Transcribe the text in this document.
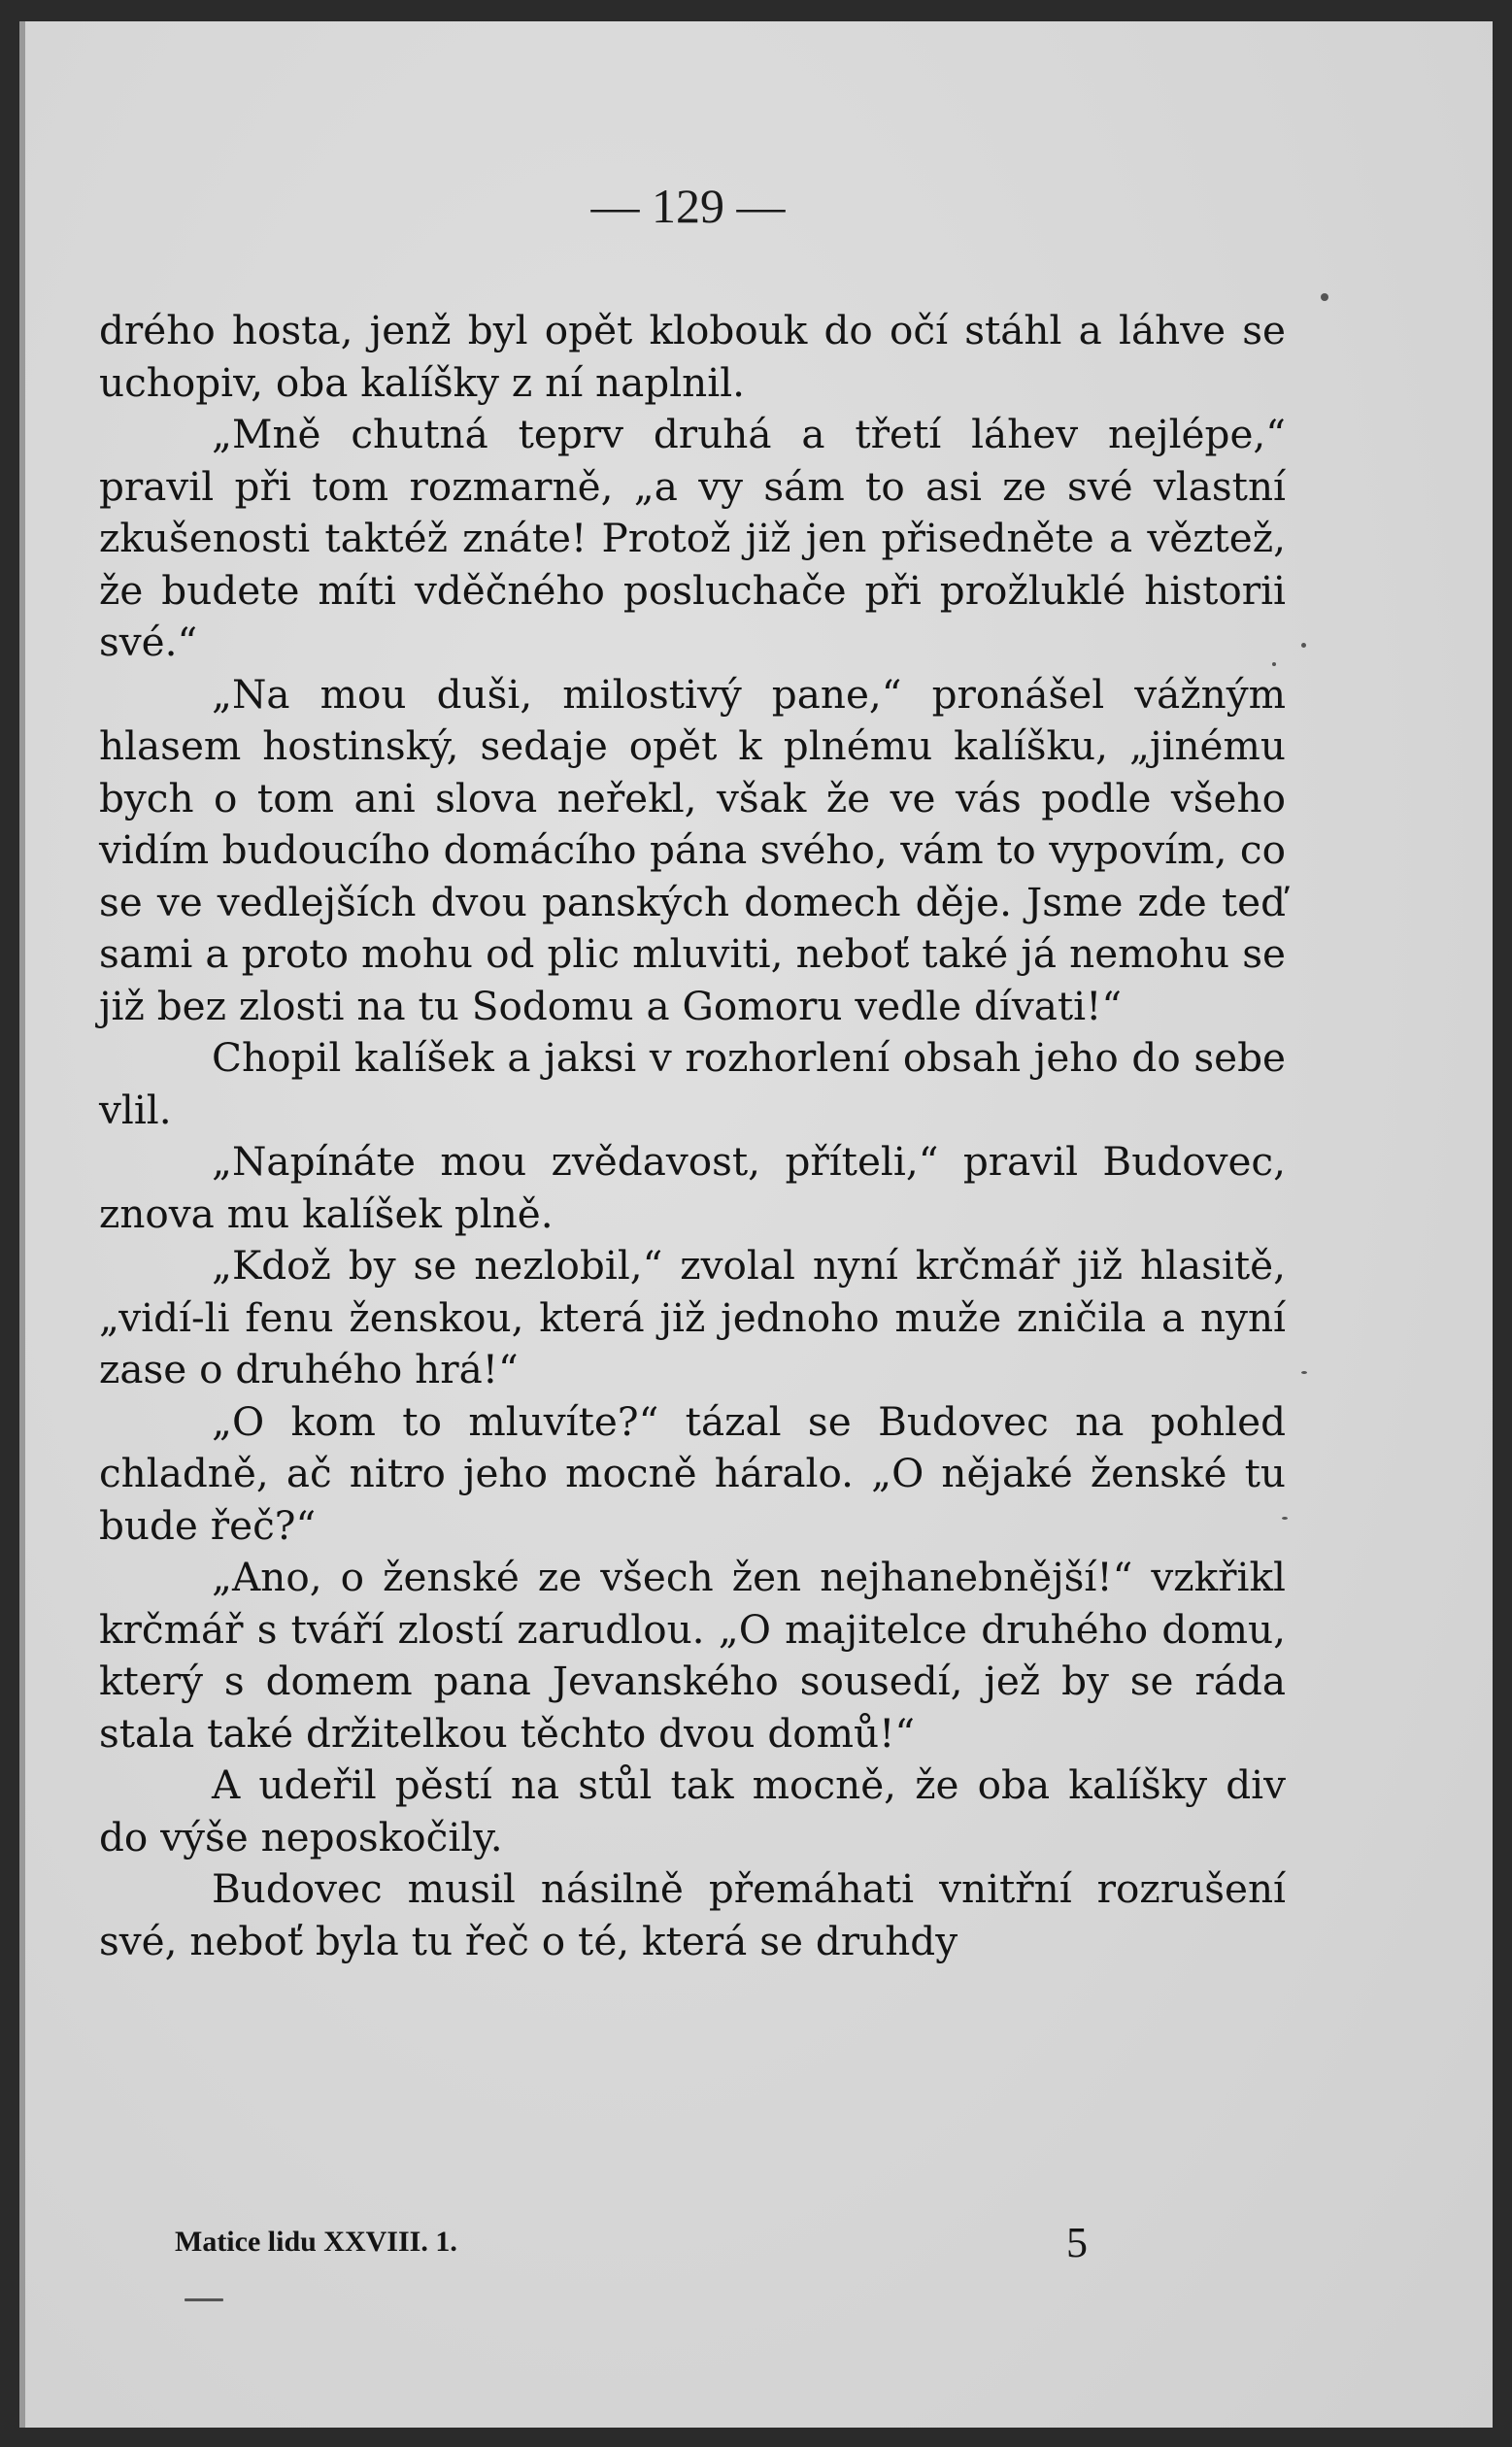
— 129 —

drého hosta, jenž byl opět klobouk do očí stáhl a láhve se uchopiv, oba kalíšky z ní naplnil.

„Mně chutná teprv druhá a třetí láhev nejlépe,“ pravil při tom rozmarně, „a vy sám to asi ze své vlastní zkušenosti taktéž znáte! Protož již jen přisedněte a věztež, že budete míti vděčného posluchače při prožluklé historii své.“

„Na mou duši, milostivý pane,“ pronášel vážným hlasem hostinský, sedaje opět k plnému kalíšku, „jinému bych o tom ani slova neřekl, však že ve vás podle všeho vidím budoucího domácího pána svého, vám to vypovím, co se ve vedlejších dvou panských domech děje. Jsme zde teď sami a proto mohu od plic mluviti, neboť také já nemohu se již bez zlosti na tu Sodomu a Gomoru vedle dívati!“

Chopil kalíšek a jaksi v rozhorlení obsah jeho do sebe vlil.

„Napínáte mou zvědavost, příteli,“ pravil Budovec, znova mu kalíšek plně.

„Kdož by se nezlobil,“ zvolal nyní krčmář již hlasitě, „vidí-li fenu ženskou, která již jednoho muže zničila a nyní zase o druhého hrá!“

„O kom to mluvíte?“ tázal se Budovec na pohled chladně, ač nitro jeho mocně háralo. „O nějaké ženské tu bude řeč?“

„Ano, o ženské ze všech žen nejhanebnější!“ vzkřikl krčmář s tváří zlostí zarudlou. „O majitelce druhého domu, který s domem pana Jevanského sousedí, jež by se ráda stala také držitelkou těchto dvou domů!“

A udeřil pěstí na stůl tak mocně, že oba kalíšky div do výše neposkočily.

Budovec musil násilně přemáhati vnitřní rozrušení své, neboť byla tu řeč o té, která se druhdy

Matice lidu XXVIII. 1.	5
